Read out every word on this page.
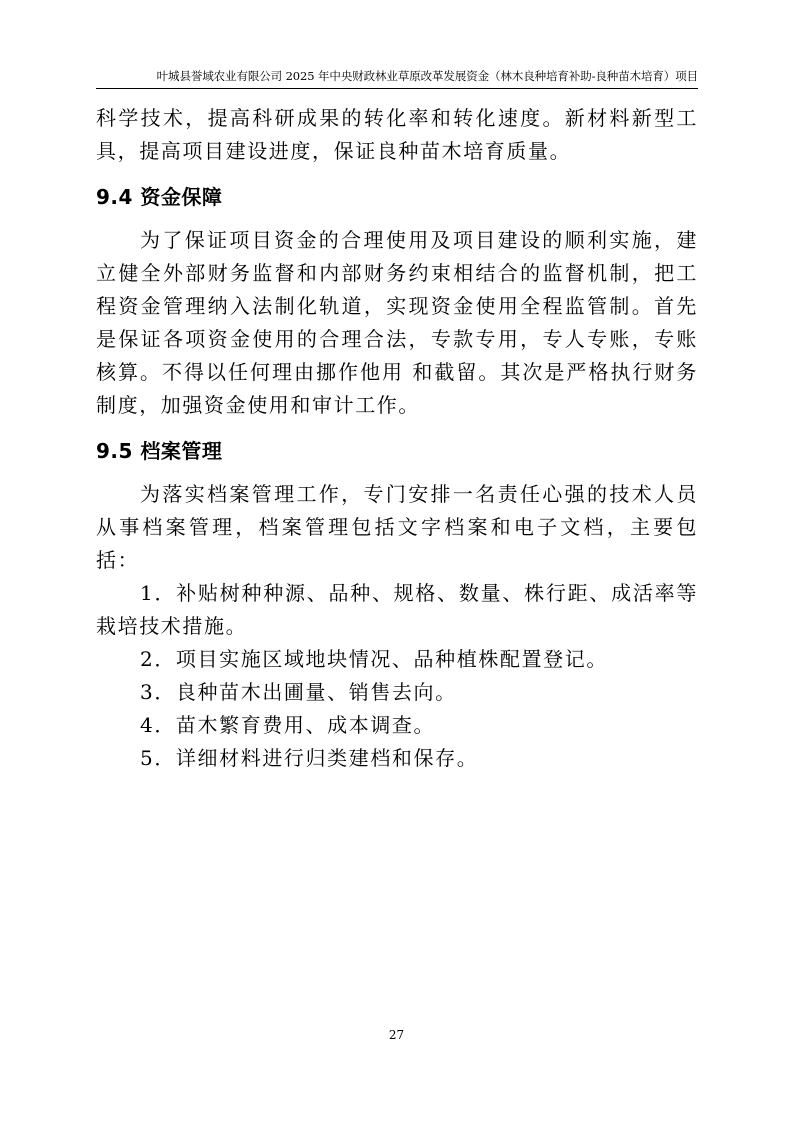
叶城县誉域农业有限公司 2025 年中央财政林业草原改革发展资金（林木良种培育补助-良种苗木培育）项目

科学技术，提高科研成果的转化率和转化速度。新材料新型工具，提高项目建设进度，保证良种苗木培育质量。

9.4 资金保障

为了保证项目资金的合理使用及项目建设的顺利实施，建立健全外部财务监督和内部财务约束相结合的监督机制，把工程资金管理纳入法制化轨道，实现资金使用全程监管制。首先是保证各项资金使用的合理合法，专款专用，专人专账，专账核算。不得以任何理由挪作他用 和截留。其次是严格执行财务制度，加强资金使用和审计工作。

9.5 档案管理

为落实档案管理工作，专门安排一名责任心强的技术人员从事档案管理，档案管理包括文字档案和电子文档，主要包括：

1．补贴树种种源、品种、规格、数量、株行距、成活率等栽培技术措施。

2．项目实施区域地块情况、品种植株配置登记。

3．良种苗木出圃量、销售去向。

4．苗木繁育费用、成本调查。

5．详细材料进行归类建档和保存。

27
